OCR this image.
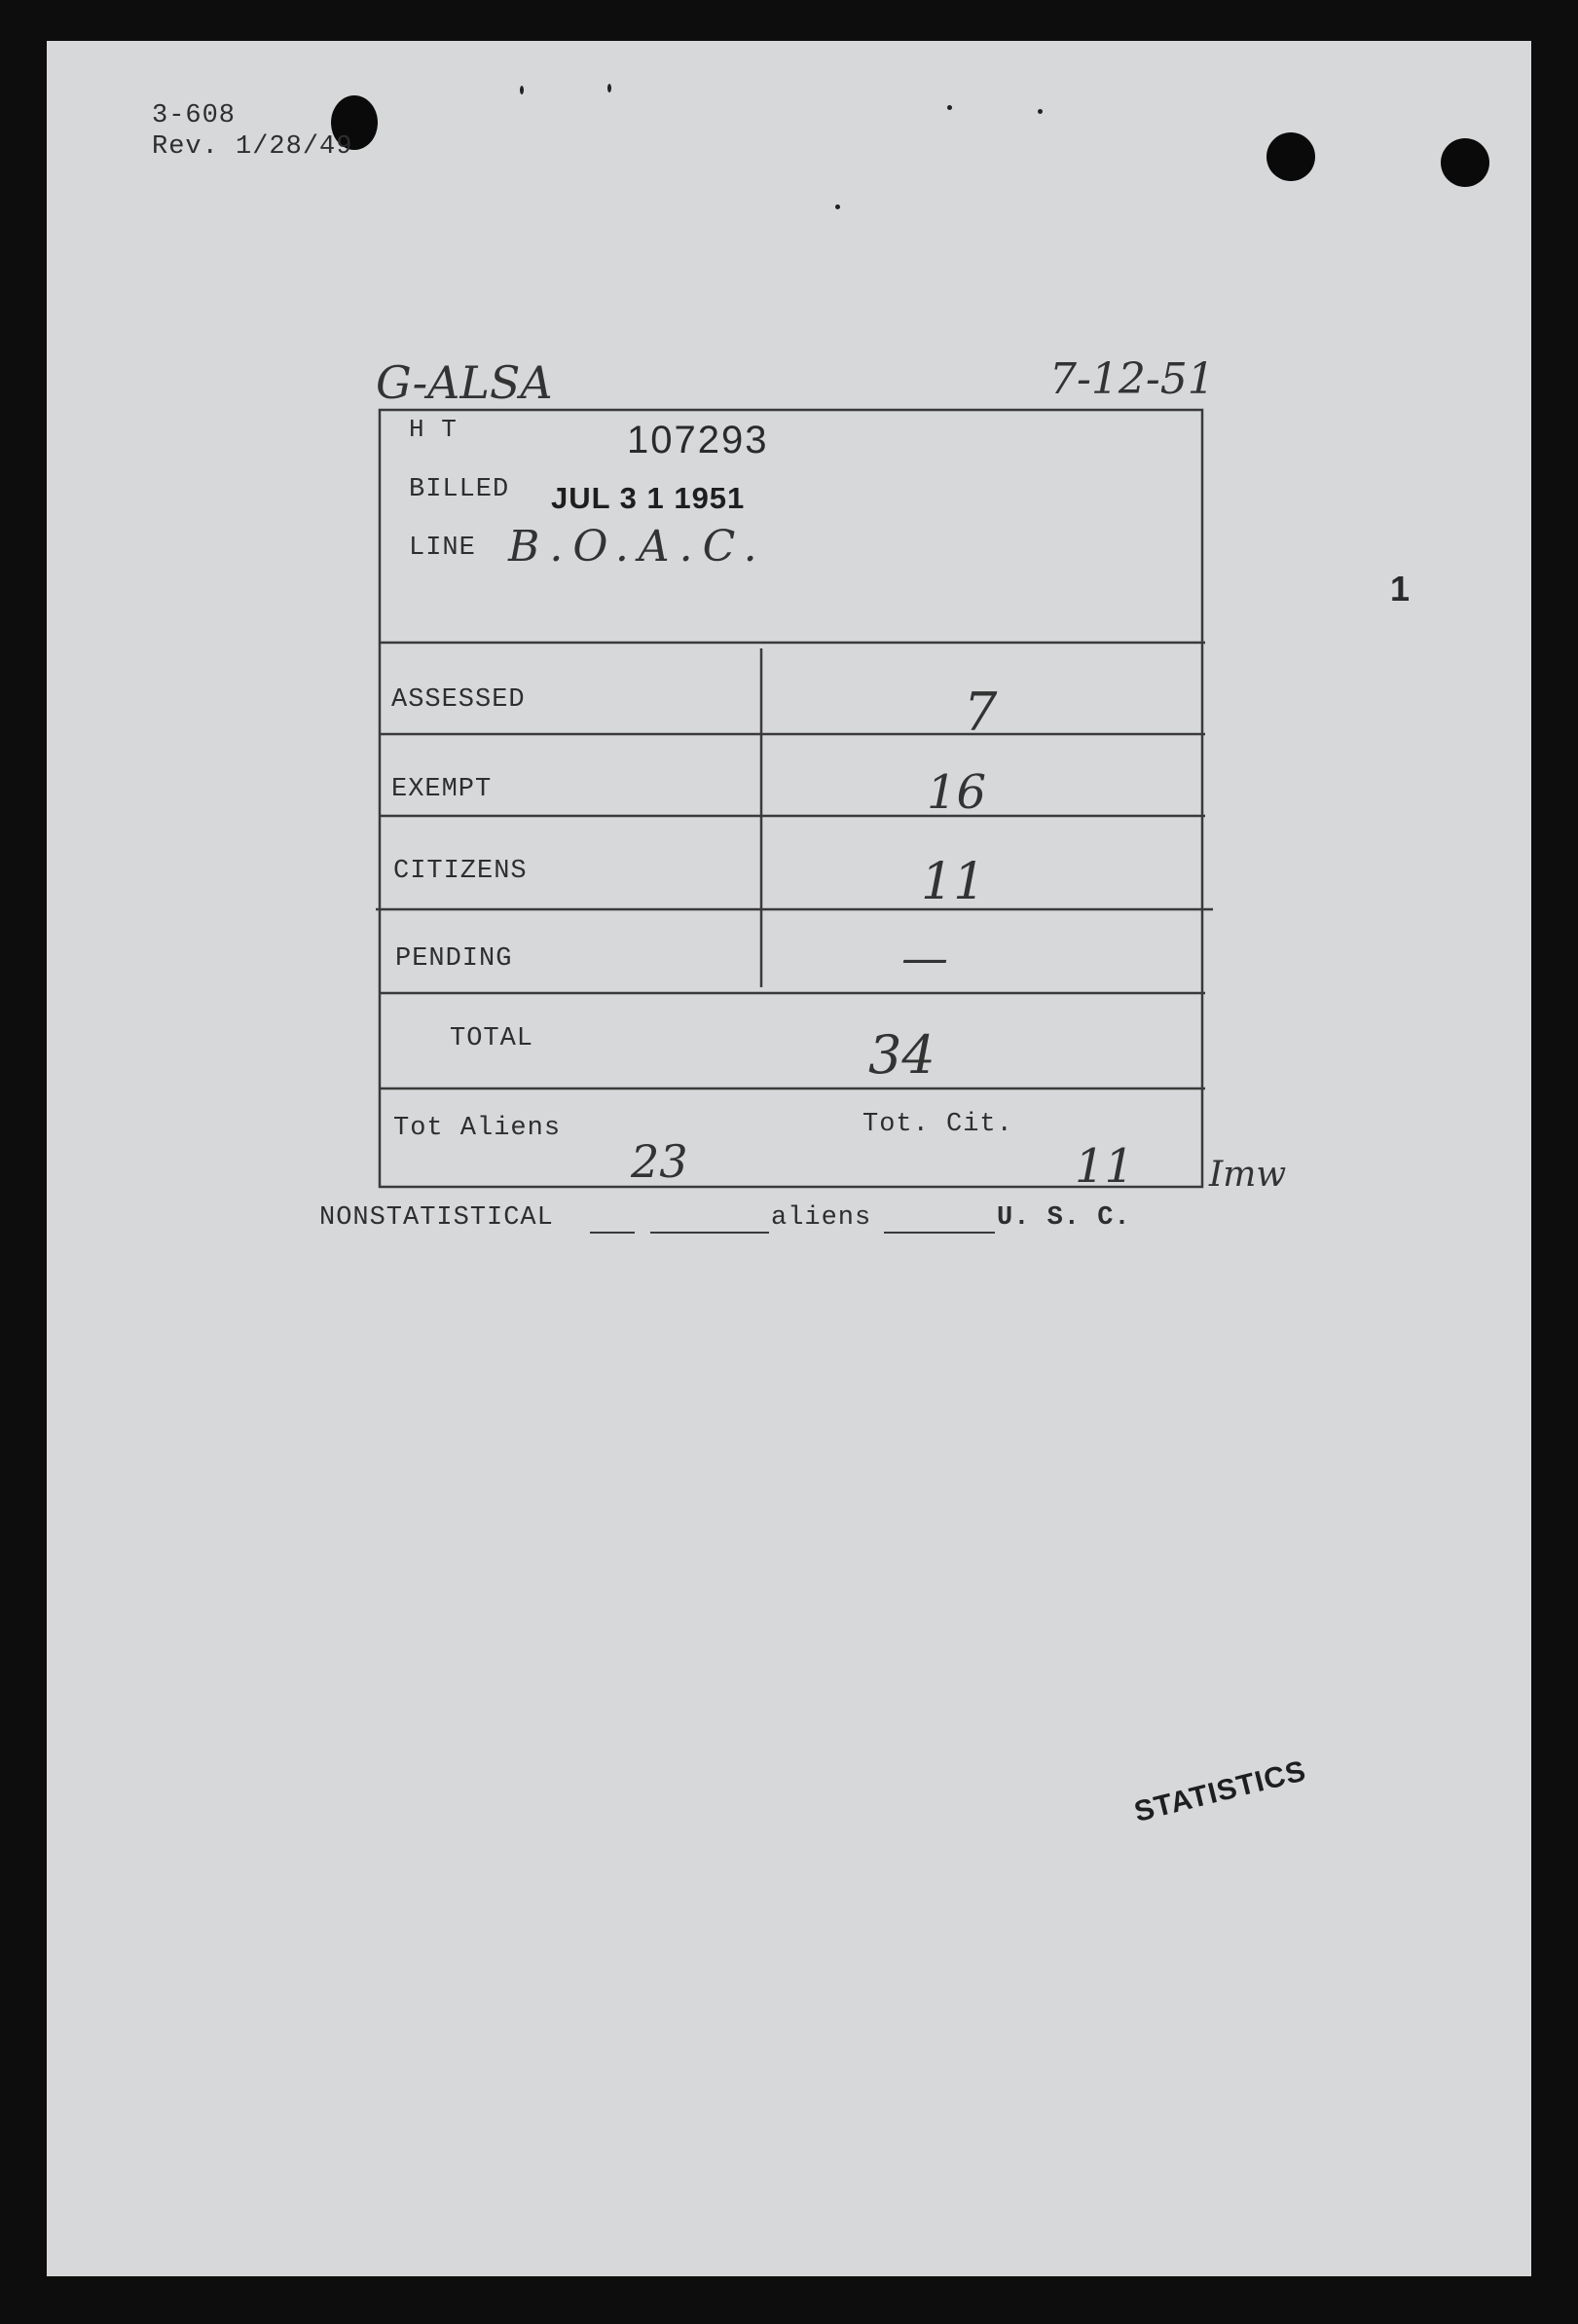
3-608
Rev. 1/28/49
G-ALSA	7-12-51
H T	107293
BILLED JUL 3 1 1951
LINE B.O.A.C.
ASSESSED	7
EXEMPT	16
CITIZENS	11
PENDING	—
TOTAL	34
Tot Aliens
23
Tot. Cit.
11 Imw
1
NONSTATISTICAL	aliens	U. S. C.
STATISTICS
